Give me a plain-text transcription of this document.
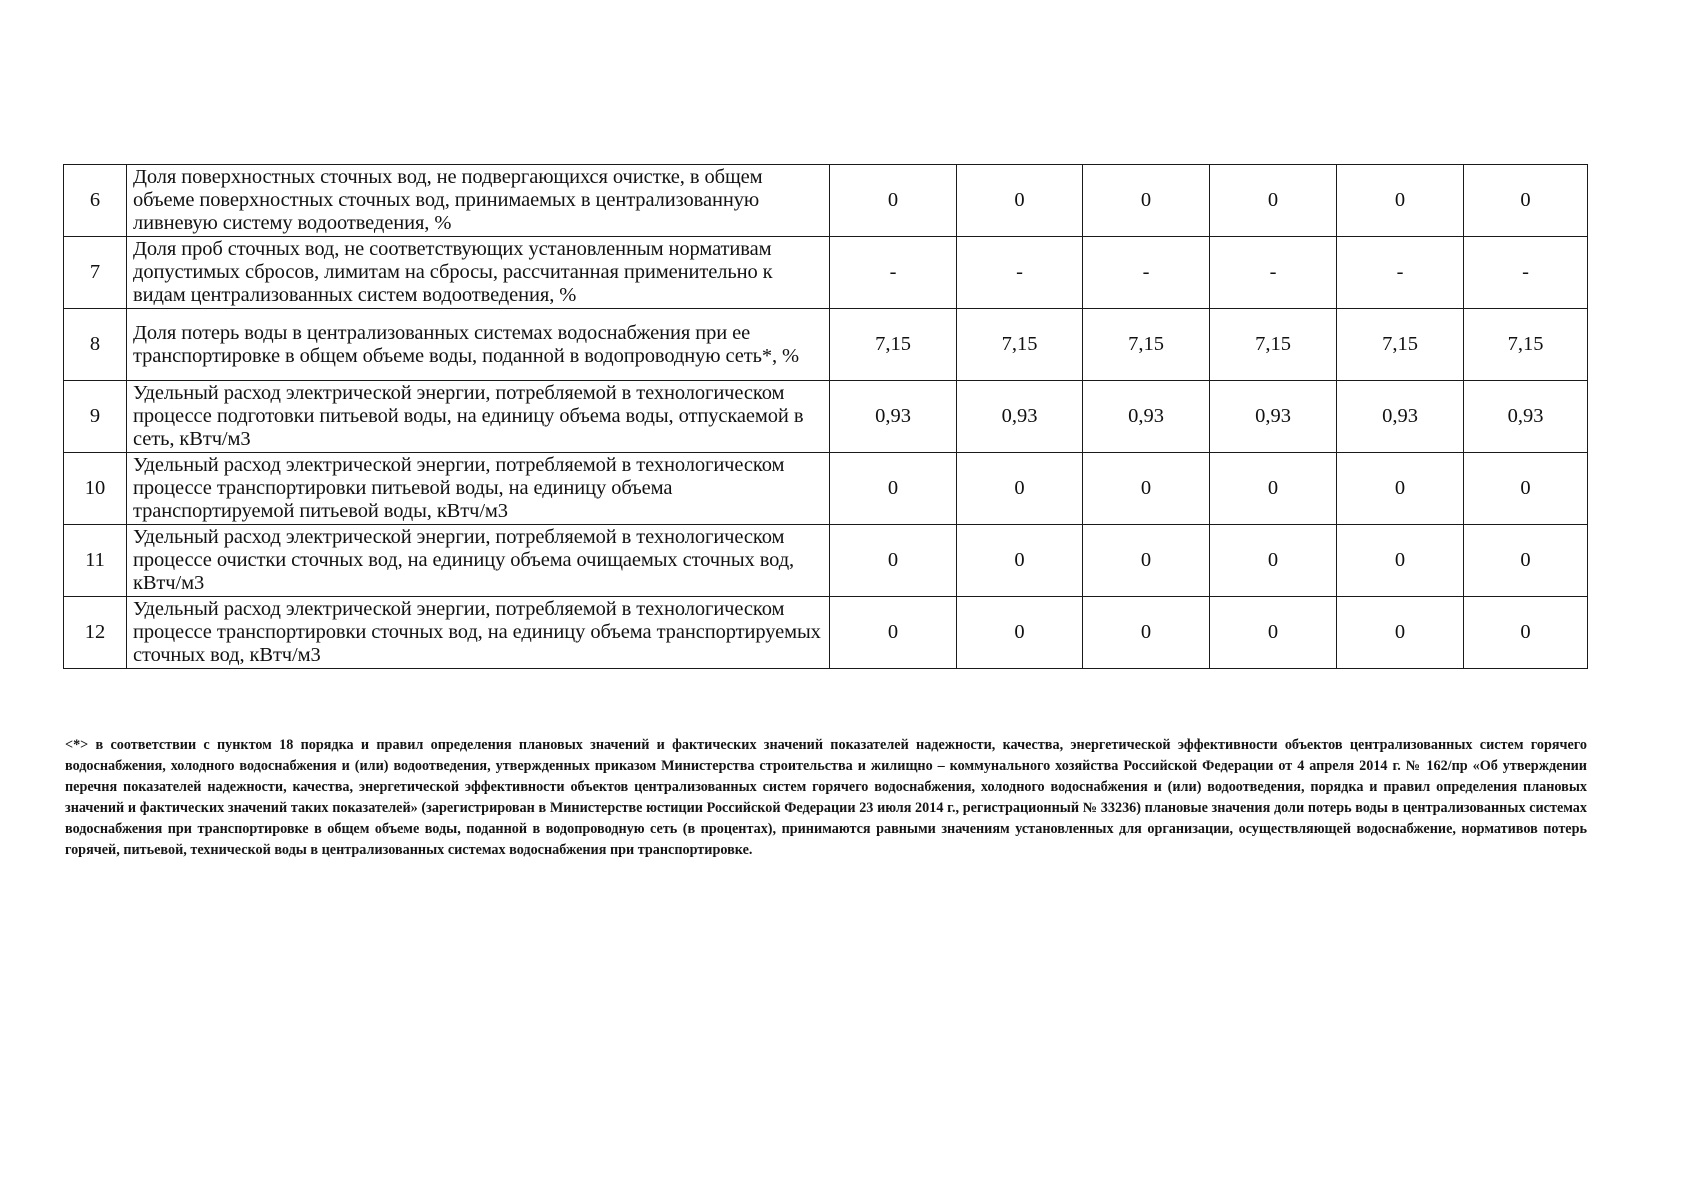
6	Доля поверхностных сточных вод, не подвергающихся очистке, в общем объеме поверхностных сточных вод, принимаемых в централизованную ливневую систему водоотведения, %	0	0	0	0	0	0
7	Доля проб сточных вод, не соответствующих установленным нормативам допустимых сбросов, лимитам на сбросы, рассчитанная применительно к видам централизованных систем водоотведения, %	-	-	-	-	-	-
8	Доля потерь воды в централизованных системах водоснабжения при ее транспортировке в общем объеме воды, поданной в водопроводную сеть*, %	7,15	7,15	7,15	7,15	7,15	7,15
9	Удельный расход электрической энергии, потребляемой в технологическом процессе подготовки питьевой воды, на единицу объема воды, отпускаемой в сеть, кВтч/м3	0,93	0,93	0,93	0,93	0,93	0,93
10	Удельный расход электрической энергии, потребляемой в технологическом процессе транспортировки питьевой воды, на единицу объема транспортируемой питьевой воды, кВтч/м3	0	0	0	0	0	0
11	Удельный расход электрической энергии, потребляемой в технологическом процессе очистки сточных вод, на единицу объема очищаемых сточных вод, кВтч/м3	0	0	0	0	0	0
12	Удельный расход электрической энергии, потребляемой в технологическом процессе транспортировки сточных вод, на единицу объема транспортируемых сточных вод, кВтч/м3	0	0	0	0	0	0
<*> в соответствии с пунктом 18 порядка и правил определения плановых значений и фактических значений показателей надежности, качества, энергетической эффективности объектов централизованных систем горячего водоснабжения, холодного водоснабжения и (или) водоотведения, утвержденных приказом Министерства строительства и жилищно – коммунального хозяйства Российской Федерации от 4 апреля 2014 г. № 162/пр «Об утверждении перечня показателей надежности, качества, энергетической эффективности объектов централизованных систем горячего водоснабжения, холодного водоснабжения и (или) водоотведения, порядка и правил определения плановых значений и фактических значений таких показателей» (зарегистрирован в Министерстве юстиции Российской Федерации 23 июля 2014 г., регистрационный № 33236) плановые значения доли потерь воды в централизованных системах водоснабжения при транспортировке в общем объеме воды, поданной в водопроводную сеть (в процентах), принимаются равными значениям установленных для организации, осуществляющей водоснабжение, нормативов потерь горячей, питьевой, технической воды в централизованных системах водоснабжения при транспортировке.
